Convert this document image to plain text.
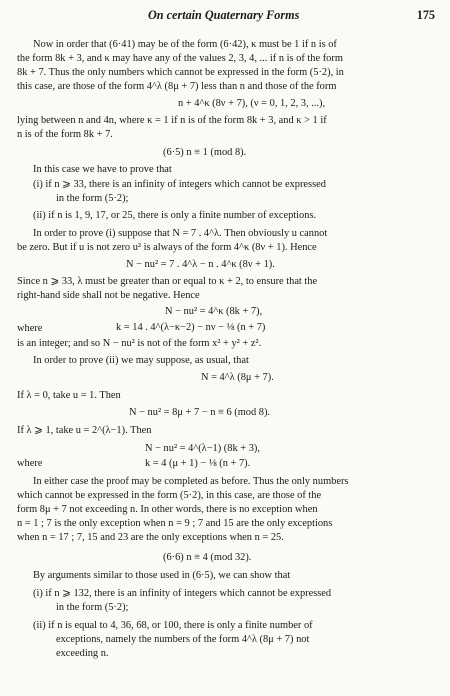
On certain Quaternary Forms	175
Now in order that (6·41) may be of the form (6·42), κ must be 1 if n is of
the form 8k + 3, and κ may have any of the values 2, 3, 4, ... if n is of the form
8k + 7. Thus the only numbers which cannot be expressed in the form (5·2), in
this case, are those of the form 4^λ (8μ + 7) less than n and those of the form
n + 4^κ (8ν + 7), (ν = 0, 1, 2, 3, ...),
lying between n and 4n, where κ = 1 if n is of the form 8k + 3, and κ > 1 if
n is of the form 8k + 7.
(6·5) n ≡ 1 (mod 8).
In this case we have to prove that
(i) if n ⩾ 33, there is an infinity of integers which cannot be expressed
in the form (5·2);
(ii) if n is 1, 9, 17, or 25, there is only a finite number of exceptions.
In order to prove (i) suppose that N = 7 . 4^λ. Then obviously u cannot
be zero. But if u is not zero u² is always of the form 4^κ (8ν + 1). Hence
N − nu² = 7 . 4^λ − n . 4^κ (8ν + 1).
Since n ⩾ 33, λ must be greater than or equal to κ + 2, to ensure that the
right-hand side shall not be negative. Hence
N − nu² = 4^κ (8k + 7),
where	k = 14 . 4^(λ−κ−2) − nν − ⅛ (n + 7)
is an integer; and so N − nu² is not of the form x² + y² + z².
In order to prove (ii) we may suppose, as usual, that
N = 4^λ (8μ + 7).
If λ = 0, take u = 1. Then
N − nu² = 8μ + 7 − n ≡ 6 (mod 8).
If λ ⩾ 1, take u = 2^(λ−1). Then
N − nu² = 4^(λ−1) (8k + 3),
where	k = 4 (μ + 1) − ⅛ (n + 7).
In either case the proof may be completed as before. Thus the only numbers
which cannot be expressed in the form (5·2), in this case, are those of the
form 8μ + 7 not exceeding n. In other words, there is no exception when
n = 1 ; 7 is the only exception when n = 9 ; 7 and 15 are the only exceptions
when n = 17 ; 7, 15 and 23 are the only exceptions when n = 25.
(6·6) n ≡ 4 (mod 32).
By arguments similar to those used in (6·5), we can show that
(i) if n ⩾ 132, there is an infinity of integers which cannot be expressed
in the form (5·2);
(ii) if n is equal to 4, 36, 68, or 100, there is only a finite number of
exceptions, namely the numbers of the form 4^λ (8μ + 7) not
exceeding n.
